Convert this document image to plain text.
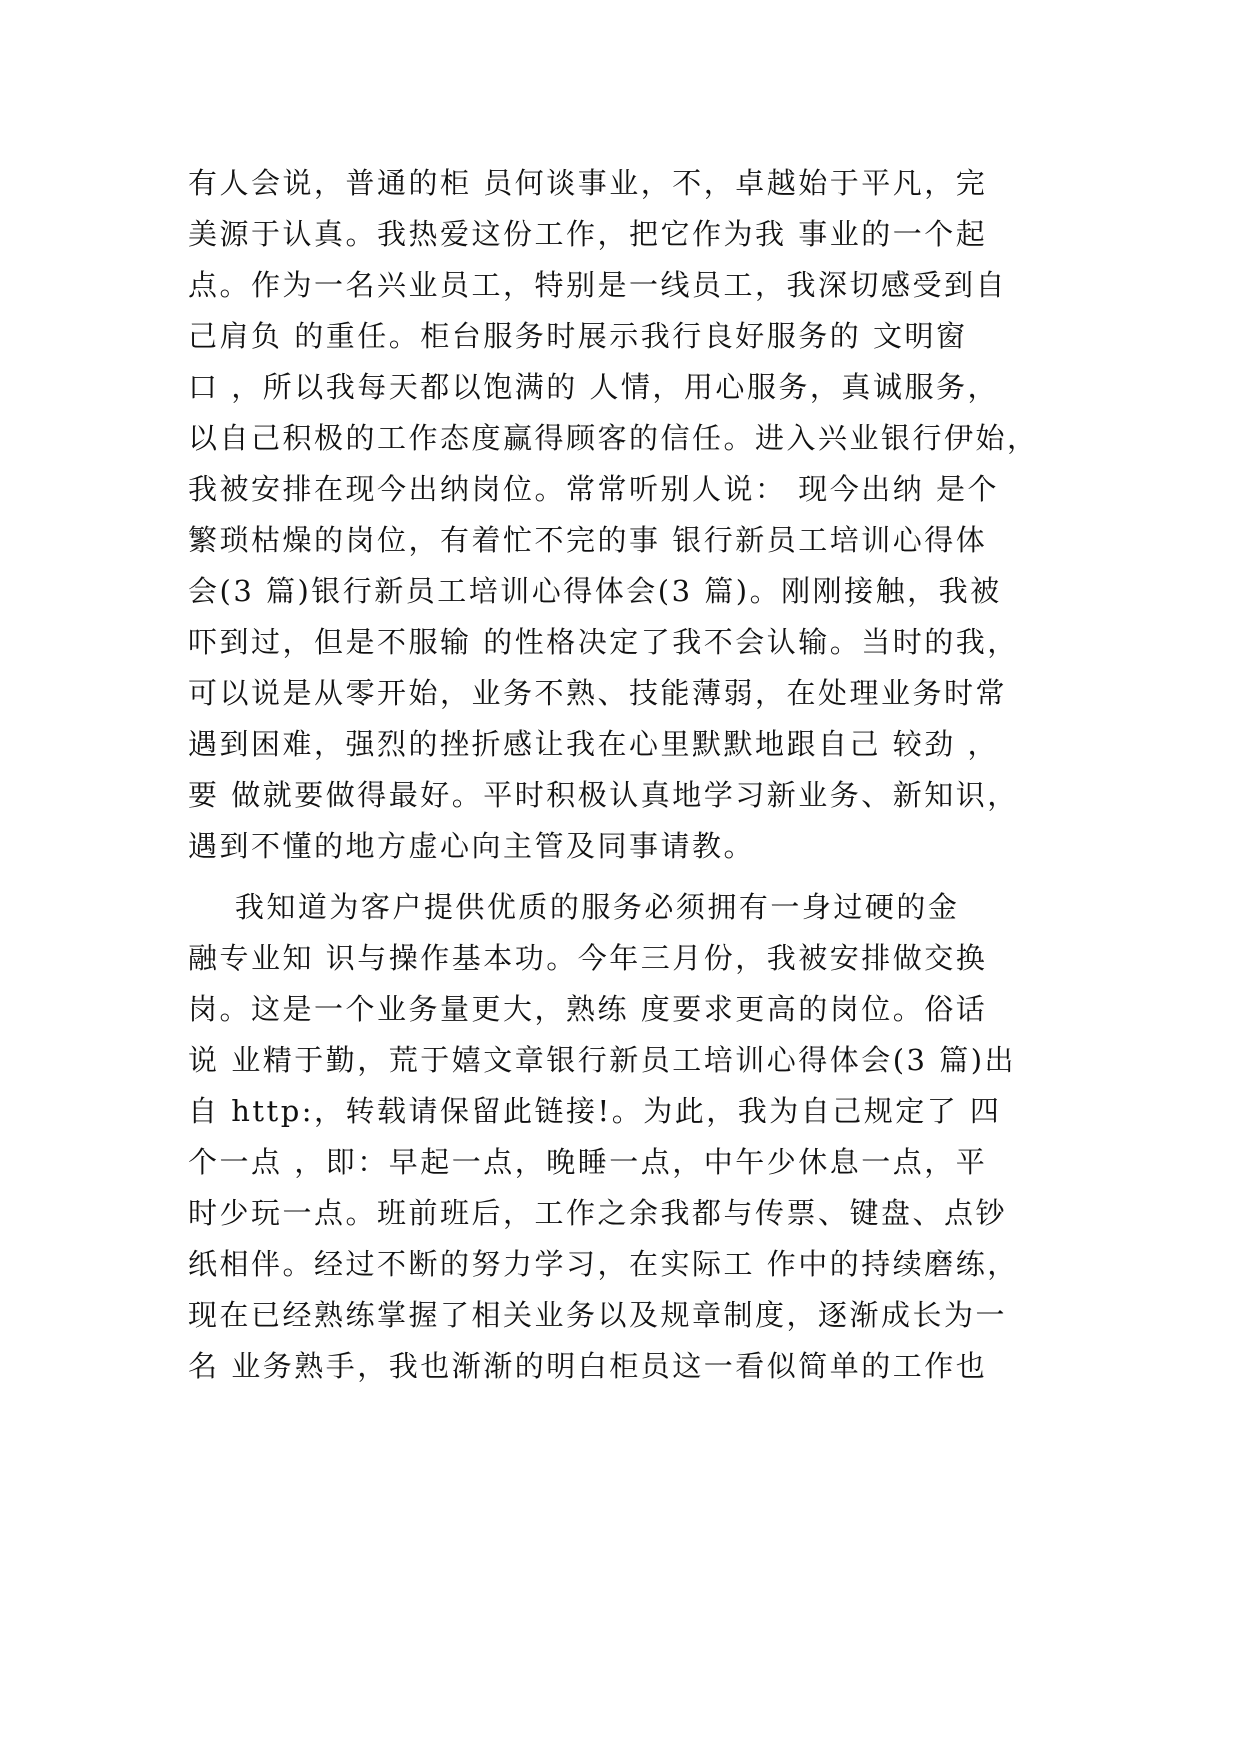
有人会说，普通的柜 员何谈事业，不，卓越始于平凡，完
美源于认真。我热爱这份工作，把它作为我 事业的一个起
点。作为一名兴业员工，特别是一线员工，我深切感受到自
己肩负 的重任。柜台服务时展示我行良好服务的 文明窗
口 ，所以我每天都以饱满的 人情，用心服务，真诚服务，
以自己积极的工作态度赢得顾客的信任。进入兴业银行伊始，
我被安排在现今出纳岗位。常常听别人说： 现今出纳 是个
繁琐枯燥的岗位，有着忙不完的事 银行新员工培训心得体
会(3 篇)银行新员工培训心得体会(3 篇)。刚刚接触，我被
吓到过，但是不服输 的性格决定了我不会认输。当时的我，
可以说是从零开始，业务不熟、技能薄弱，在处理业务时常
遇到困难，强烈的挫折感让我在心里默默地跟自己 较劲 ，
要 做就要做得最好。平时积极认真地学习新业务、新知识，
遇到不懂的地方虚心向主管及同事请教。
我知道为客户提供优质的服务必须拥有一身过硬的金
融专业知 识与操作基本功。今年三月份，我被安排做交换
岗。这是一个业务量更大，熟练 度要求更高的岗位。俗话
说 业精于勤，荒于嬉文章银行新员工培训心得体会(3 篇)出
自 http:，转载请保留此链接!。为此，我为自己规定了 四
个一点 ，即：早起一点，晚睡一点，中午少休息一点，平
时少玩一点。班前班后，工作之余我都与传票、键盘、点钞
纸相伴。经过不断的努力学习，在实际工 作中的持续磨练，
现在已经熟练掌握了相关业务以及规章制度，逐渐成长为一
名 业务熟手，我也渐渐的明白柜员这一看似简单的工作也
